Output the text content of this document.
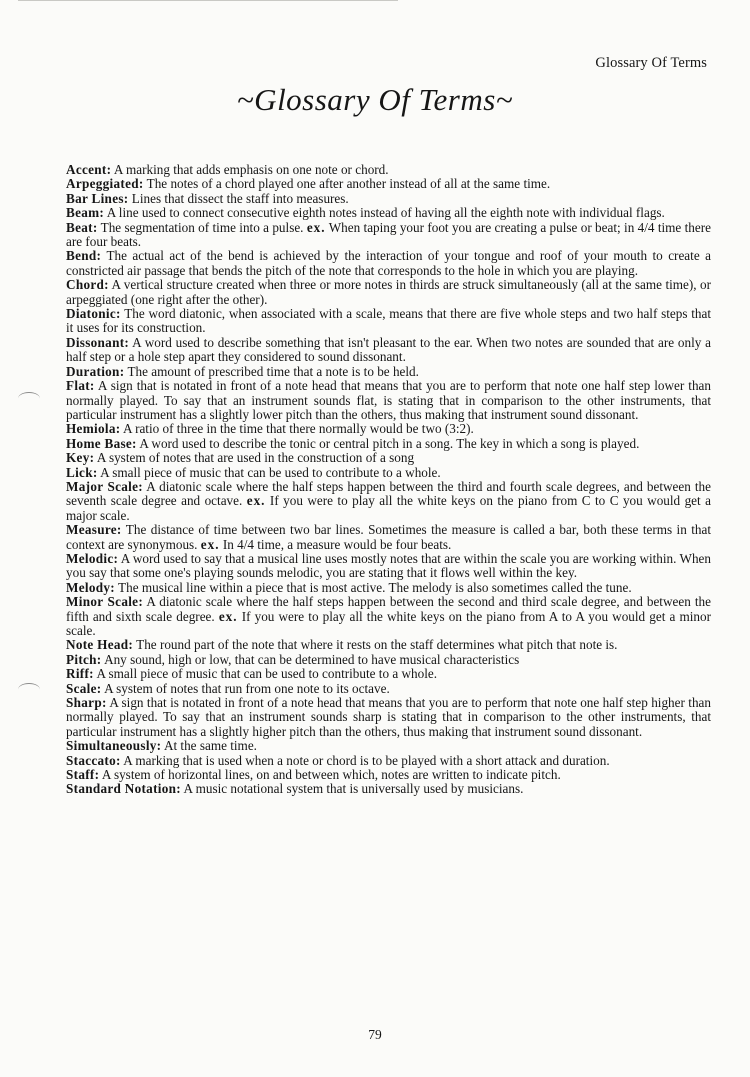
Glossary Of Terms
~Glossary Of Terms~

Accent: A marking that adds emphasis on one note or chord.

Arpeggiated: The notes of a chord played one after another instead of all at the same time.

Bar Lines: Lines that dissect the staff into measures.

Beam: A line used to connect consecutive eighth notes instead of having all the eighth note with individual flags.

Beat: The segmentation of time into a pulse. ex. When taping your foot you are creating a pulse or beat; in 4/4 time there are four beats.

Bend: The actual act of the bend is achieved by the interaction of your tongue and roof of your mouth to create a constricted air passage that bends the pitch of the note that corresponds to the hole in which you are playing.

Chord: A vertical structure created when three or more notes in thirds are struck simultaneously (all at the same time), or arpeggiated (one right after the other).

Diatonic: The word diatonic, when associated with a scale, means that there are five whole steps and two half steps that it uses for its construction.

Dissonant: A word used to describe something that isn't pleasant to the ear. When two notes are sounded that are only a half step or a hole step apart they considered to sound dissonant.

Duration: The amount of prescribed time that a note is to be held.

Flat: A sign that is notated in front of a note head that means that you are to perform that note one half step lower than normally played. To say that an instrument sounds flat, is stating that in comparison to the other instruments, that particular instrument has a slightly lower pitch than the others, thus making that instrument sound dissonant.

Hemiola: A ratio of three in the time that there normally would be two (3:2).

Home Base: A word used to describe the tonic or central pitch in a song. The key in which a song is played.

Key: A system of notes that are used in the construction of a song

Lick: A small piece of music that can be used to contribute to a whole.

Major Scale: A diatonic scale where the half steps happen between the third and fourth scale degrees, and between the seventh scale degree and octave. ex. If you were to play all the white keys on the piano from C to C you would get a major scale.

Measure: The distance of time between two bar lines. Sometimes the measure is called a bar, both these terms in that context are synonymous. ex. In 4/4 time, a measure would be four beats.

Melodic: A word used to say that a musical line uses mostly notes that are within the scale you are working within. When you say that some one's playing sounds melodic, you are stating that it flows well within the key.

Melody: The musical line within a piece that is most active. The melody is also sometimes called the tune.

Minor Scale: A diatonic scale where the half steps happen between the second and third scale degree, and between the fifth and sixth scale degree. ex. If you were to play all the white keys on the piano from A to A you would get a minor scale.

Note Head: The round part of the note that where it rests on the staff determines what pitch that note is.

Pitch: Any sound, high or low, that can be determined to have musical characteristics

Riff: A small piece of music that can be used to contribute to a whole.

Scale: A system of notes that run from one note to its octave.

Sharp: A sign that is notated in front of a note head that means that you are to perform that note one half step higher than normally played. To say that an instrument sounds sharp is stating that in comparison to the other instruments, that particular instrument has a slightly higher pitch than the others, thus making that instrument sound dissonant.

Simultaneously: At the same time.

Staccato: A marking that is used when a note or chord is to be played with a short attack and duration.

Staff: A system of horizontal lines, on and between which, notes are written to indicate pitch.

Standard Notation: A music notational system that is universally used by musicians.

79
